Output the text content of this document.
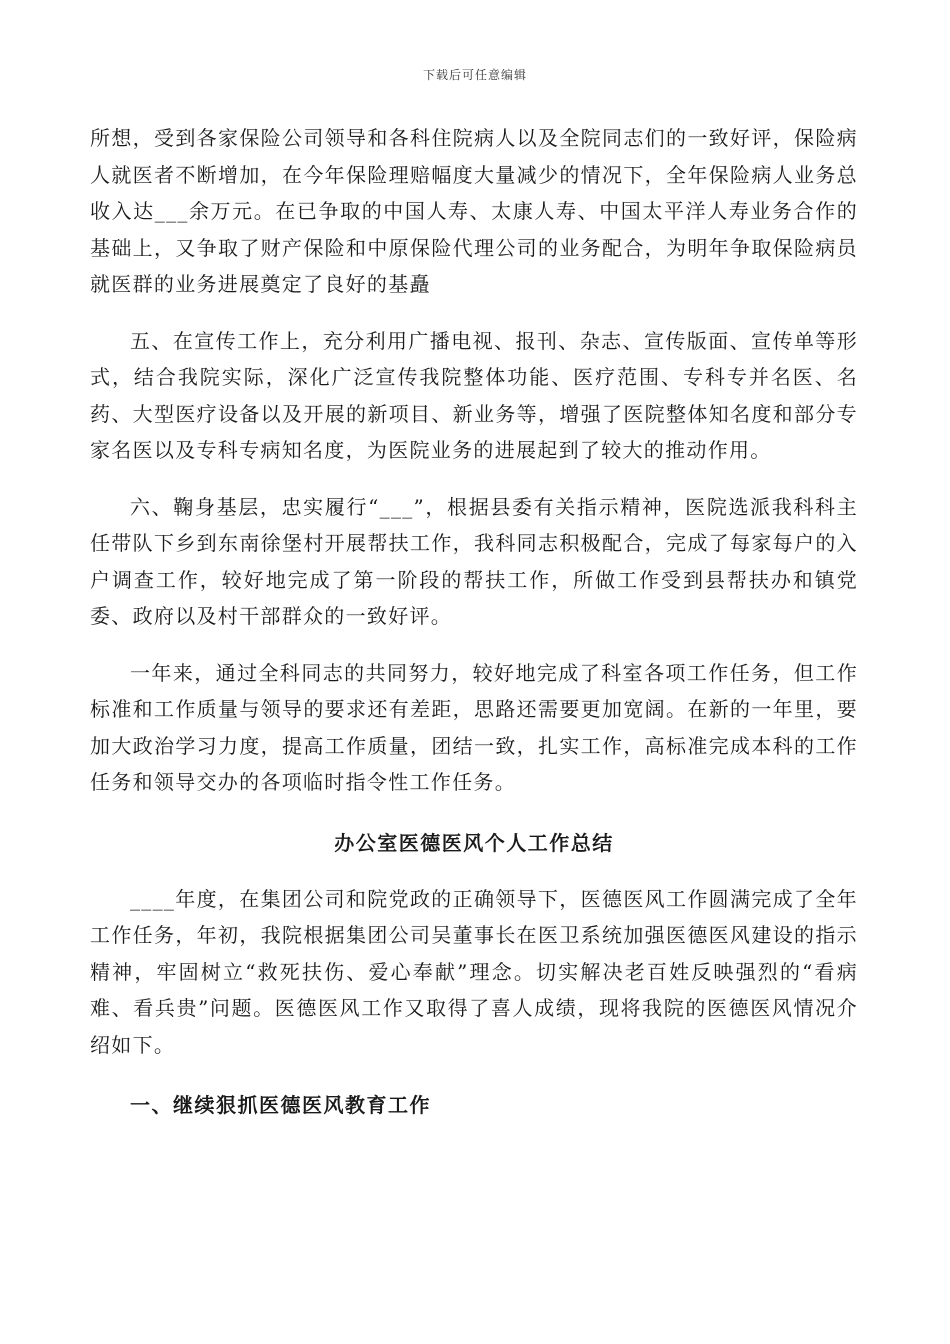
下载后可任意编辑

所想，受到各家保险公司领导和各科住院病人以及全院同志们的一致好评，保险病人就医者不断增加，在今年保险理赔幅度大量减少的情况下，全年保险病人业务总收入达___余万元。在已争取的中国人寿、太康人寿、中国太平洋人寿业务合作的基础上，又争取了财产保险和中原保险代理公司的业务配合，为明年争取保险病员就医群的业务进展奠定了良好的基矗

五、在宣传工作上，充分利用广播电视、报刊、杂志、宣传版面、宣传单等形式，结合我院实际，深化广泛宣传我院整体功能、医疗范围、专科专并名医、名药、大型医疗设备以及开展的新项目、新业务等，增强了医院整体知名度和部分专家名医以及专科专病知名度，为医院业务的进展起到了较大的推动作用。

六、鞠身基层，忠实履行“___”，根据县委有关指示精神，医院选派我科科主任带队下乡到东南徐堡村开展帮扶工作，我科同志积极配合，完成了每家每户的入户调查工作，较好地完成了第一阶段的帮扶工作，所做工作受到县帮扶办和镇党委、政府以及村干部群众的一致好评。

一年来，通过全科同志的共同努力，较好地完成了科室各项工作任务，但工作标准和工作质量与领导的要求还有差距，思路还需要更加宽阔。在新的一年里，要加大政治学习力度，提高工作质量，团结一致，扎实工作，高标准完成本科的工作任务和领导交办的各项临时指令性工作任务。

办公室医德医风个人工作总结

____年度，在集团公司和院党政的正确领导下，医德医风工作圆满完成了全年工作任务，年初，我院根据集团公司吴董事长在医卫系统加强医德医风建设的指示精神，牢固树立“救死扶伤、爱心奉献”理念。切实解决老百姓反映强烈的“看病难、看兵贵”问题。医德医风工作又取得了喜人成绩，现将我院的医德医风情况介绍如下。

一、继续狠抓医德医风教育工作
